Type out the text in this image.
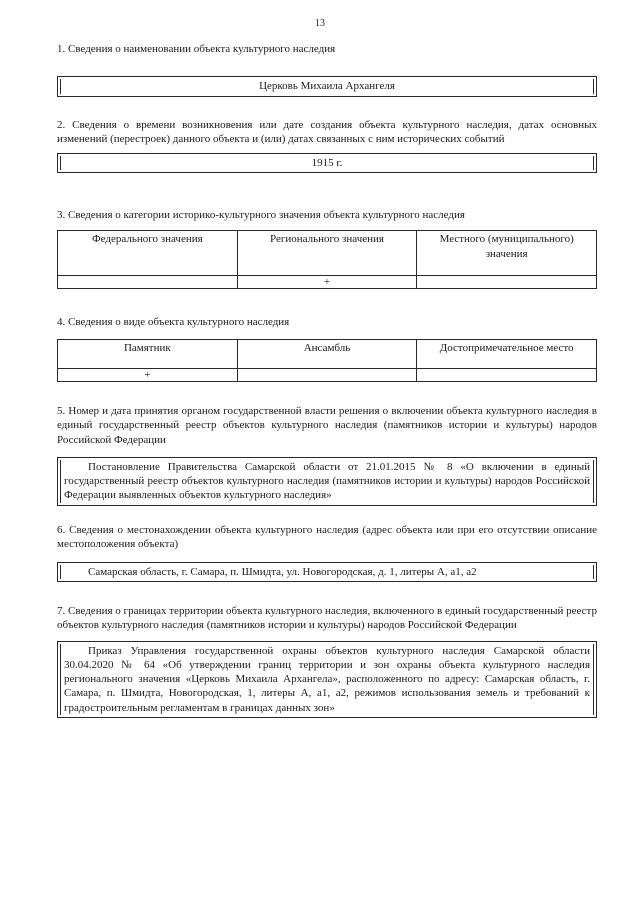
13
1. Сведения о наименовании объекта культурного наследия
Церковь Михаила Архангеля
2. Сведения о времени возникновения или дате создания объекта культурного наследия, датах основных изменений (перестроек) данного объекта и (или) датах связанных с ним исторических событий
1915 г.
3. Сведения о категории историко-культурного значения объекта культурного наследия
Федерального значения	Регионального значения	Местного (муниципального) значения
	+	
4. Сведения о виде объекта культурного наследия
Памятник	Ансамбль	Достопримечательное место
+		
5. Номер и дата принятия органом государственной власти решения о включении объекта культурного наследия в единый государственный реестр объектов культурного наследия (памятников истории и культуры) народов Российской Федерации
Постановление Правительства Самарской области от 21.01.2015 № 8 «О включении в единый государственный реестр объектов культурного наследия (памятников истории и культуры) народов Российской Федерации выявленных объектов культурного наследия»
6. Сведения о местонахождении объекта культурного наследия (адрес объекта или при его отсутствии описание местоположения объекта)
Самарская область, г. Самара, п. Шмидта, ул. Новогородская, д. 1, литеры А, а1, а2
7. Сведения о границах территории объекта культурного наследия, включенного в единый государственный реестр объектов культурного наследия (памятников истории и культуры) народов Российской Федерации
Приказ Управления государственной охраны объектов культурного наследия Самарской области 30.04.2020 № 64 «Об утверждении границ территории и зон охраны объекта культурного наследия регионального значения «Церковь Михаила Архангела», расположенного по адресу: Самарская область, г. Самара, п. Шмидта, Новогородская, 1, литеры А, а1, а2, режимов использования земель и требований к градостроительным регламентам в границах данных зон»
